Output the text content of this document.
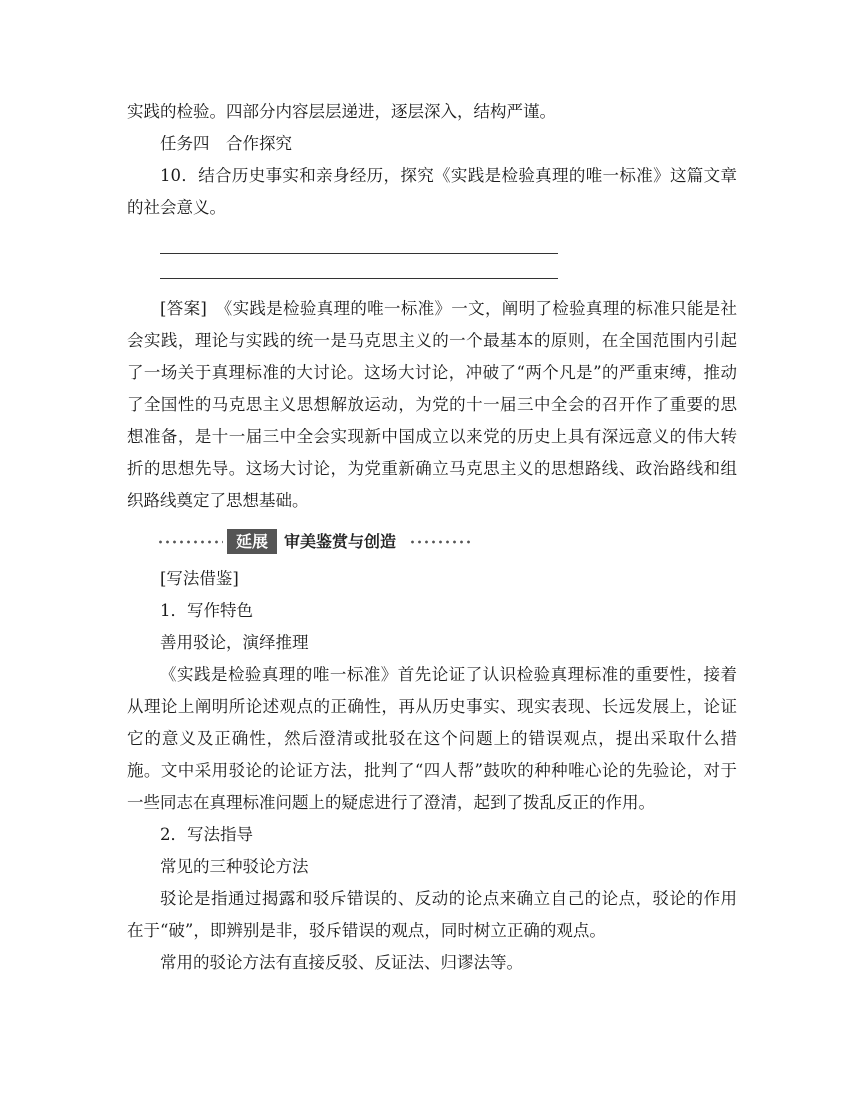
实践的检验。四部分内容层层递进，逐层深入，结构严谨。

任务四　合作探究

10．结合历史事实和亲身经历，探究《实践是检验真理的唯一标准》这篇文章的社会意义。

[答案]　《实践是检验真理的唯一标准》一文，阐明了检验真理的标准只能是社会实践，理论与实践的统一是马克思主义的一个最基本的原则，在全国范围内引起了一场关于真理标准的大讨论。这场大讨论，冲破了“两个凡是”的严重束缚，推动了全国性的马克思主义思想解放运动，为党的十一届三中全会的召开作了重要的思想准备，是十一届三中全会实现新中国成立以来党的历史上具有深远意义的伟大转折的思想先导。这场大讨论，为党重新确立马克思主义的思想路线、政治路线和组织路线奠定了思想基础。

延展	审美鉴赏与创造

[写法借鉴]

1．写作特色

善用驳论，演绎推理

《实践是检验真理的唯一标准》首先论证了认识检验真理标准的重要性，接着从理论上阐明所论述观点的正确性，再从历史事实、现实表现、长远发展上，论证它的意义及正确性，然后澄清或批驳在这个问题上的错误观点，提出采取什么措施。文中采用驳论的论证方法，批判了“四人帮”鼓吹的种种唯心论的先验论，对于一些同志在真理标准问题上的疑虑进行了澄清，起到了拨乱反正的作用。

2．写法指导

常见的三种驳论方法

驳论是指通过揭露和驳斥错误的、反动的论点来确立自己的论点，驳论的作用在于“破”，即辨别是非，驳斥错误的观点，同时树立正确的观点。

常用的驳论方法有直接反驳、反证法、归谬法等。
